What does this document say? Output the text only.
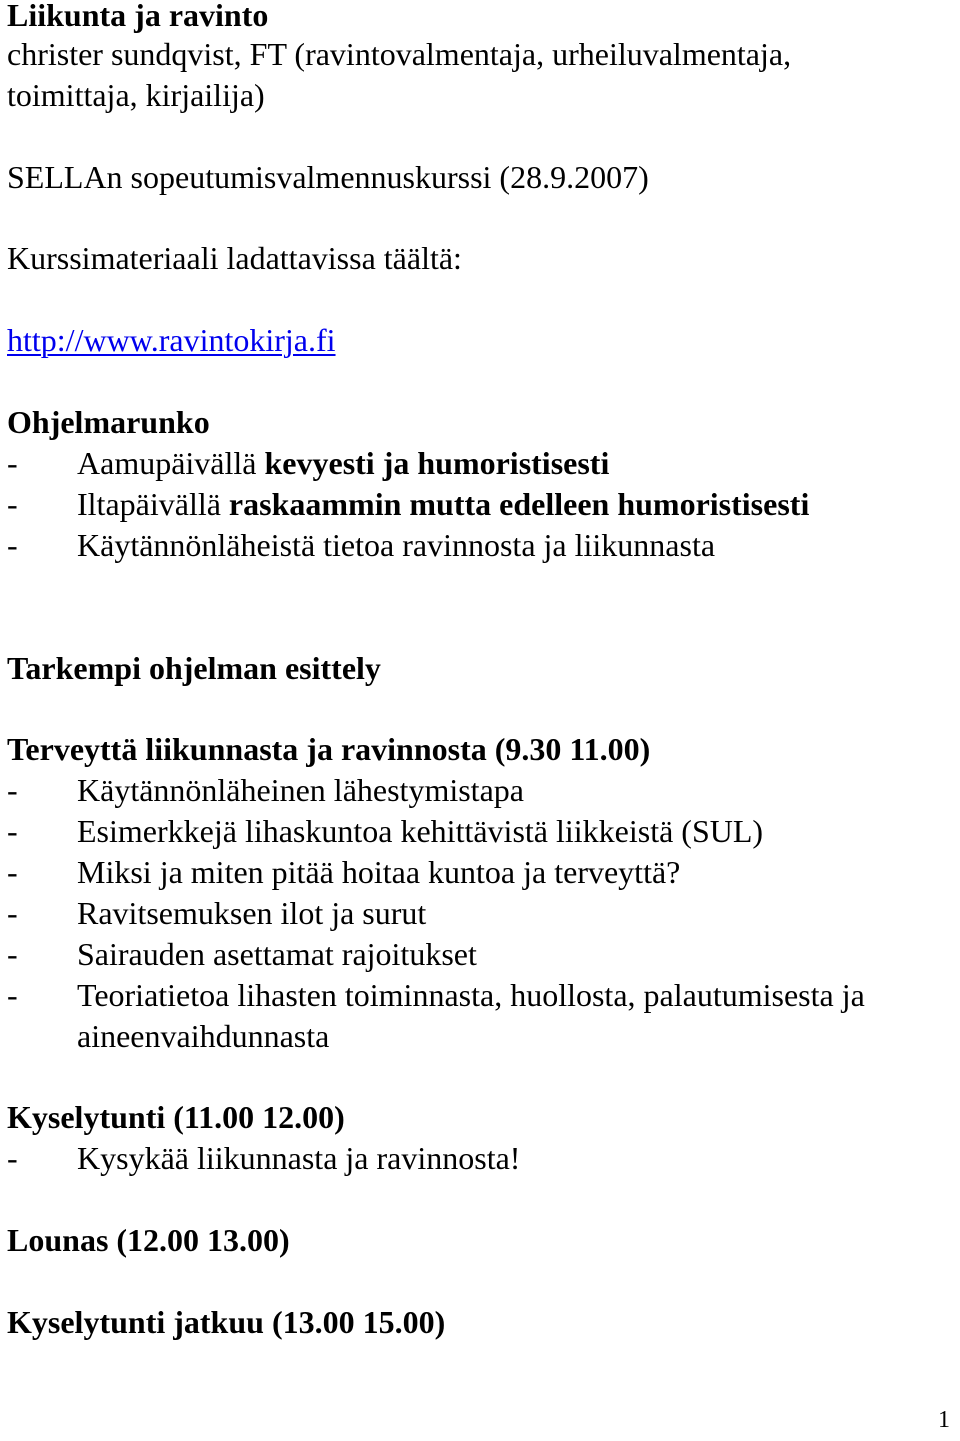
Liikunta ja ravinto
christer sundqvist, FT (ravintovalmentaja, urheiluvalmentaja,
toimittaja, kirjailija)
SELLAn sopeutumisvalmennuskurssi (28.9.2007)
Kurssimateriaali ladattavissa täältä:
http://www.ravintokirja.fi
Ohjelmarunko
- Aamupäivällä kevyesti ja humoristisesti
- Iltapäivällä raskaammin mutta edelleen humoristisesti
- Käytännönläheistä tietoa ravinnosta ja liikunnasta
Tarkempi ohjelman esittely
Terveyttä liikunnasta ja ravinnosta (9.30 11.00)
- Käytännönläheinen lähestymistapa
- Esimerkkejä lihaskuntoa kehittävistä liikkeistä (SUL)
- Miksi ja miten pitää hoitaa kuntoa ja terveyttä?
- Ravitsemuksen ilot ja surut
- Sairauden asettamat rajoitukset
- Teoriatietoa lihasten toiminnasta, huollosta, palautumisesta ja
aineenvaihdunnasta
Kyselytunti (11.00 12.00)
- Kysykää liikunnasta ja ravinnosta!
Lounas (12.00 13.00)
Kyselytunti jatkuu (13.00 15.00)
1
